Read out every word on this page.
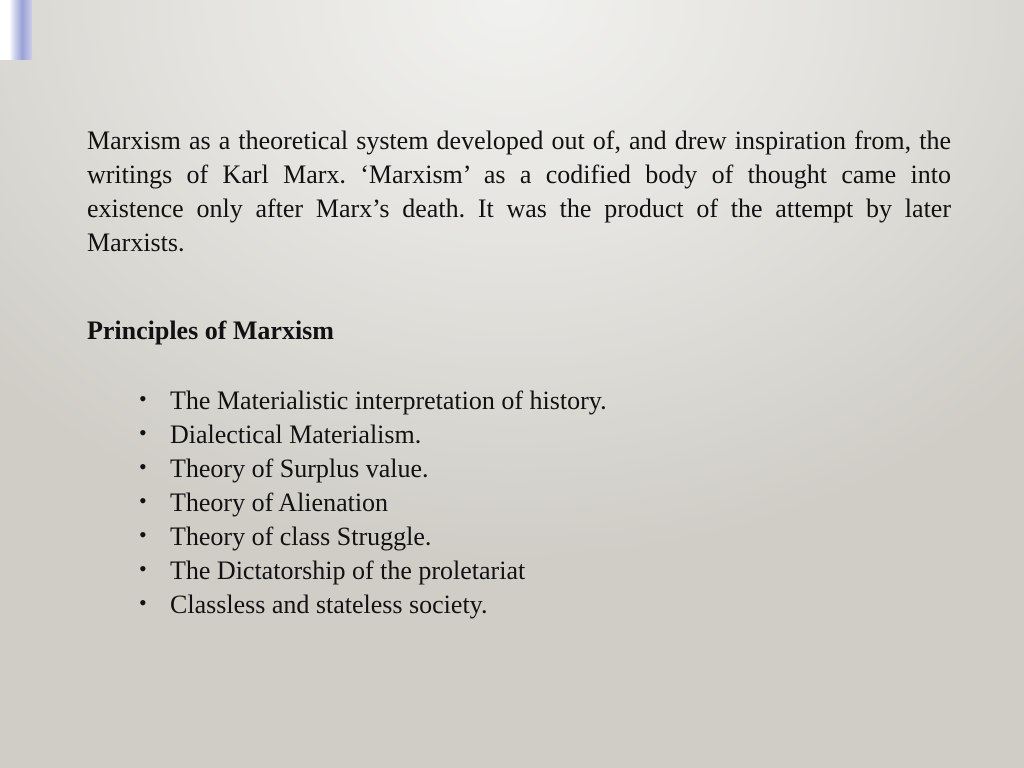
Marxism as a theoretical system developed out of, and drew inspiration from, the writings of Karl Marx. ‘Marxism’ as a codified body of thought came into existence only after Marx’s death. It was the product of the attempt by later Marxists.

Principles of Marxism

• The Materialistic interpretation of history.
• Dialectical Materialism.
• Theory of Surplus value.
• Theory of Alienation
• Theory of class Struggle.
• The Dictatorship of the proletariat
• Classless and stateless society.
